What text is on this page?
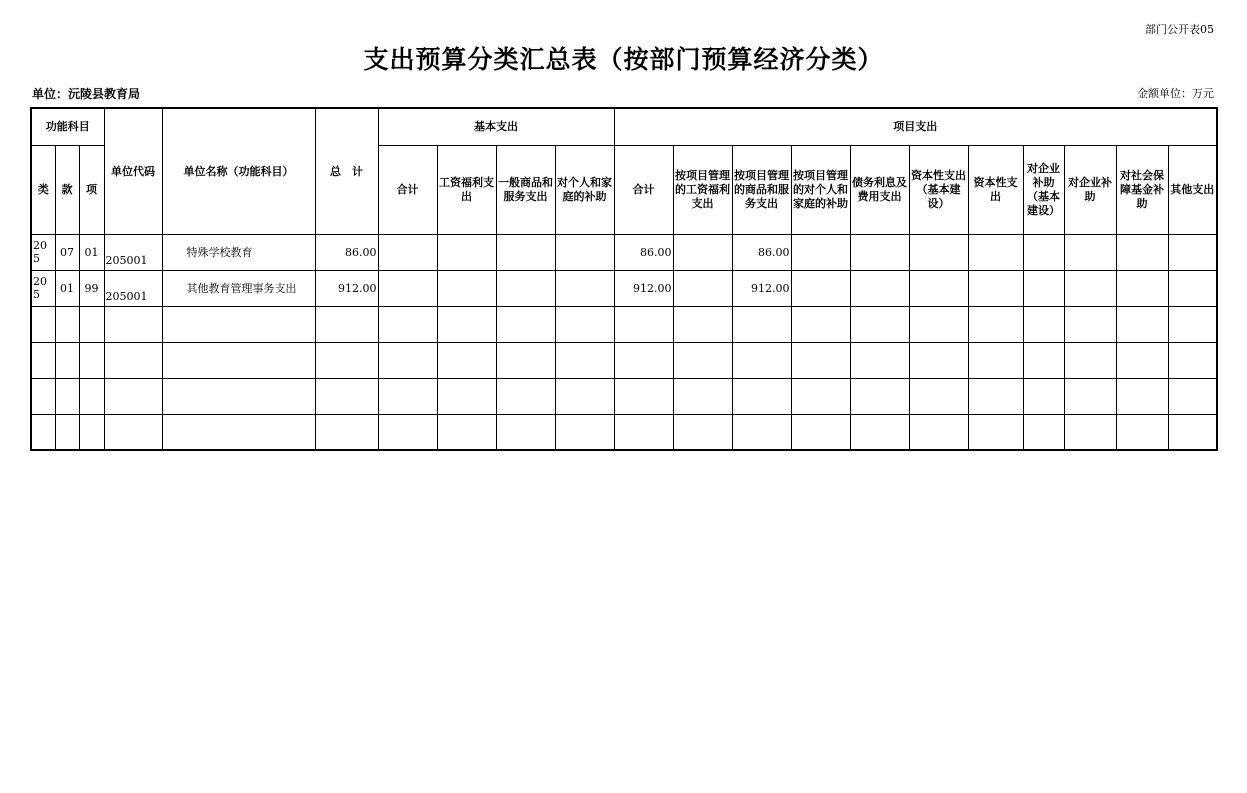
部门公开表05
支出预算分类汇总表（按部门预算经济分类）
单位：沅陵县教育局	金额单位：万元
功能科目			单位代码	单位名称（功能科目）	总　计	基本支出				项目支出										
类	款	项				合计	工资福利支出	一般商品和服务支出	对个人和家庭的补助	合计	按项目管理的工资福利支出	按项目管理的商品和服务支出	按项目管理的对个人和家庭的补助	债务利息及费用支出	资本性支出（基本建设）	资本性支出	对企业补助（基本建设）	对企业补助	对社会保障基金补助	其他支出
205	07	01	205001	特殊学校教育	86.00					86.00		86.00								
205	01	99	205001	其他教育管理事务支出	912.00					912.00		912.00								
